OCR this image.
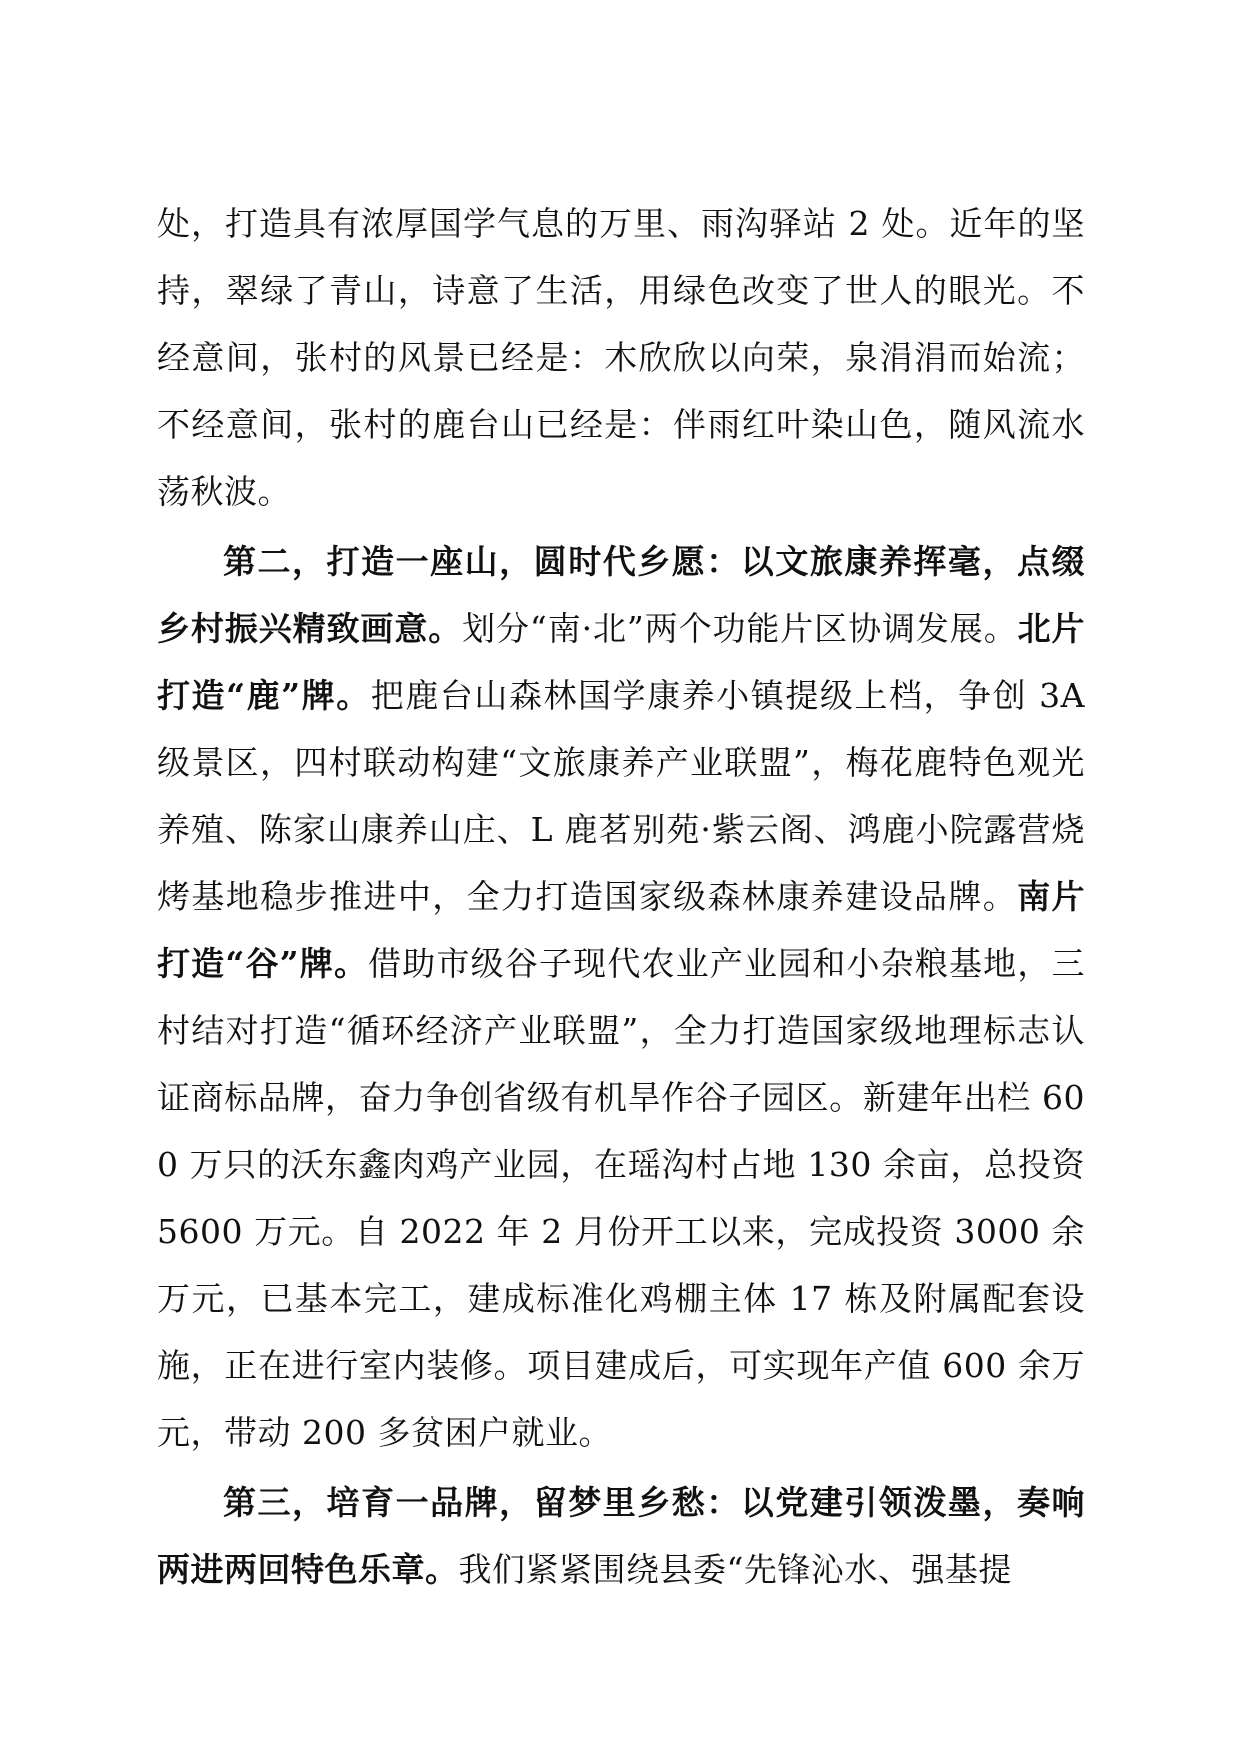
处，打造具有浓厚国学气息的万里、雨沟驿站 2 处。近年的坚持，翠绿了青山，诗意了生活，用绿色改变了世人的眼光。不经意间，张村的风景已经是：木欣欣以向荣，泉涓涓而始流；不经意间，张村的鹿台山已经是：伴雨红叶染山色，随风流水荡秋波。

第二，打造一座山，圆时代乡愿：以文旅康养挥毫，点缀乡村振兴精致画意。划分“南·北”两个功能片区协调发展。北片打造“鹿”牌。把鹿台山森林国学康养小镇提级上档，争创 3A 级景区，四村联动构建“文旅康养产业联盟”，梅花鹿特色观光养殖、陈家山康养山庄、L 鹿茗别苑·紫云阁、鸿鹿小院露营烧烤基地稳步推进中，全力打造国家级森林康养建设品牌。南片打造“谷”牌。借助市级谷子现代农业产业园和小杂粮基地，三村结对打造“循环经济产业联盟”，全力打造国家级地理标志认证商标品牌，奋力争创省级有机旱作谷子园区。新建年出栏 600 万只的沃东鑫肉鸡产业园，在瑶沟村占地 130 余亩，总投资 5600 万元。自 2022 年 2 月份开工以来，完成投资 3000 余万元，已基本完工，建成标准化鸡棚主体 17 栋及附属配套设施，正在进行室内装修。项目建成后，可实现年产值 600 余万元，带动 200 多贫困户就业。

第三，培育一品牌，留梦里乡愁：以党建引领泼墨，奏响两进两回特色乐章。我们紧紧围绕县委“先锋沁水、强基提
